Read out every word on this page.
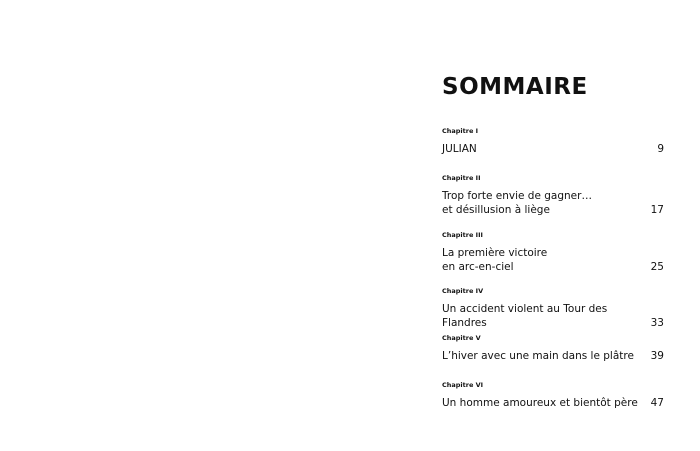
SOMMAIRE
Chapitre I
JULIAN	9
Chapitre II
Trop forte envie de gagner…
et désillusion à liège	17
Chapitre III
La première victoire
en arc-en-ciel	25
Chapitre IV
Un accident violent au Tour des Flandres	33
Chapitre V
L’hiver avec une main dans le plâtre 39
Chapitre VI
Un homme amoureux et bientôt père 47
